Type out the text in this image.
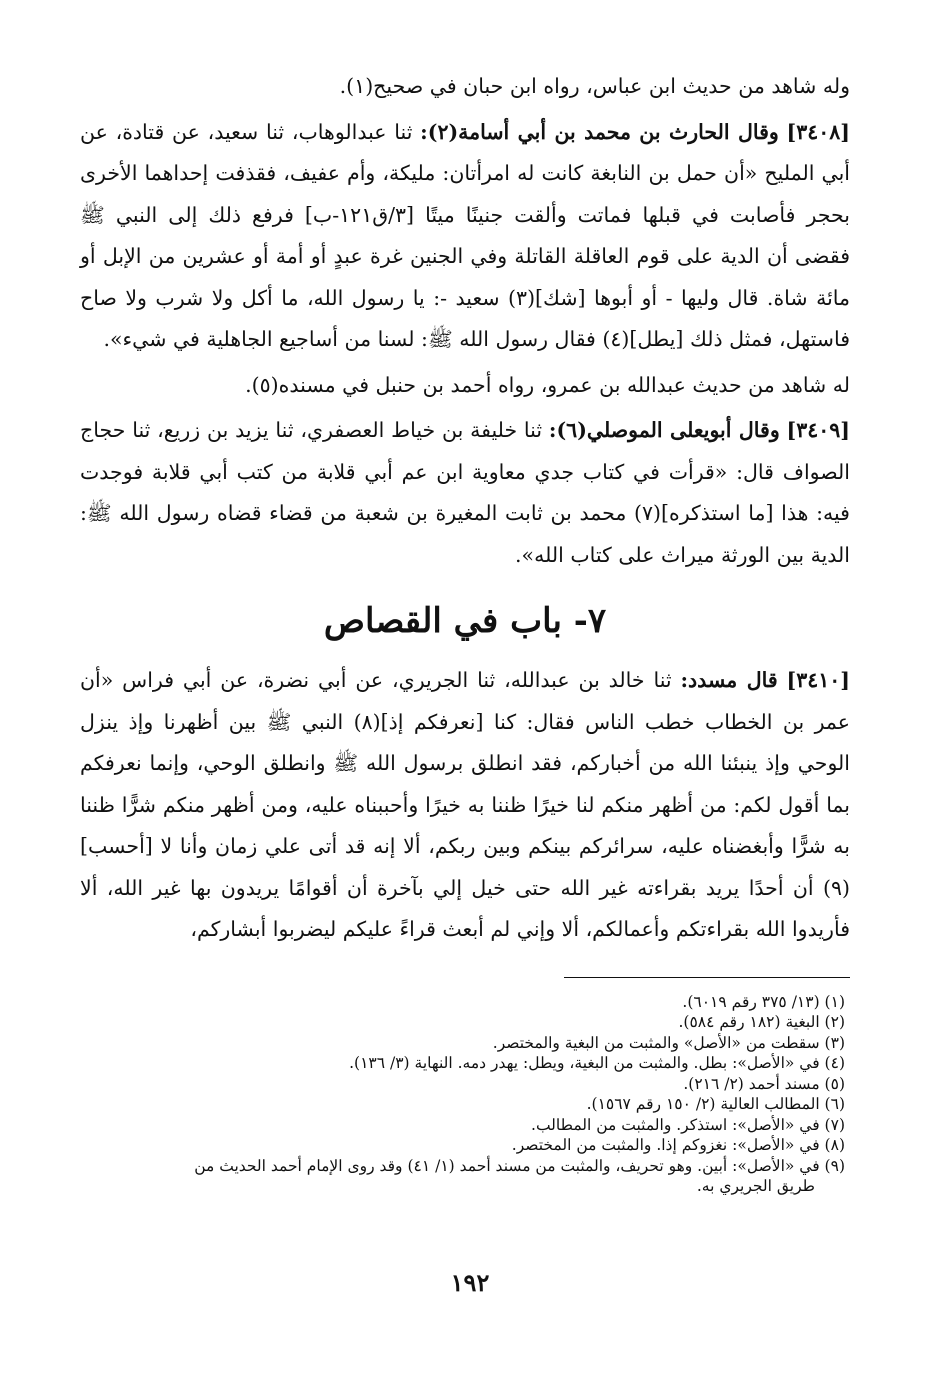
وله شاهد من حديث ابن عباس، رواه ابن حبان في صحيح(١).

[٣٤٠٨] وقال الحارث بن محمد بن أبي أسامة(٢): ثنا عبدالوهاب، ثنا سعيد، عن قتادة، عن أبي المليح «أن حمل بن النابغة كانت له امرأتان: مليكة، وأم عفيف، فقذفت إحداهما الأخرى بحجر فأصابت في قبلها فماتت وألقت جنينًا ميتًا [٣/ق١٢١-ب] فرفع ذلك إلى النبي ﷺ فقضى أن الدية على قوم العاقلة القاتلة وفي الجنين غرة عبدٍ أو أمة أو عشرين من الإبل أو مائة شاة. قال وليها - أو أبوها [شك](٣) سعيد -: يا رسول الله، ما أكل ولا شرب ولا صاح فاستهل، فمثل ذلك [يطل](٤) فقال رسول الله ﷺ: لسنا من أساجيع الجاهلية في شيء».

له شاهد من حديث عبدالله بن عمرو، رواه أحمد بن حنبل في مسنده(٥).

[٣٤٠٩] وقال أبويعلى الموصلي(٦): ثنا خليفة بن خياط العصفري، ثنا يزيد بن زريع، ثنا حجاج الصواف قال: «قرأت في كتاب جدي معاوية ابن عم أبي قلابة من كتب أبي قلابة فوجدت فيه: هذا [ما استذكره](٧) محمد بن ثابت المغيرة بن شعبة من قضاء قضاه رسول الله ﷺ: الدية بين الورثة ميراث على كتاب الله».

٧- باب في القصاص

[٣٤١٠] قال مسدد: ثنا خالد بن عبدالله، ثنا الجريري، عن أبي نضرة، عن أبي فراس «أن عمر بن الخطاب خطب الناس فقال: كنا [نعرفكم إذ](٨) النبي ﷺ بين أظهرنا وإذ ينزل الوحي وإذ ينبئنا الله من أخباركم، فقد انطلق برسول الله ﷺ وانطلق الوحي، وإنما نعرفكم بما أقول لكم: من أظهر منكم لنا خيرًا ظننا به خيرًا وأحببناه عليه، ومن أظهر منكم شرًّا ظننا به شرًّا وأبغضناه عليه، سرائركم بينكم وبين ربكم، ألا إنه قد أتى علي زمان وأنا لا [أحسب](٩) أن أحدًا يريد بقراءته غير الله حتى خيل إلي بآخرة أن أقوامًا يريدون بها غير الله، ألا فأريدوا الله بقراءتكم وأعمالكم، ألا وإني لم أبعث قراءً عليكم ليضربوا أبشاركم،

(١) (١٣/ ٣٧٥ رقم ٦٠١٩).

(٢) البغية (١٨٢ رقم ٥٨٤).

(٣) سقطت من «الأصل» والمثبت من البغية والمختصر.

(٤) في «الأصل»: بطل. والمثبت من البغية، ويطل: يهدر دمه. النهاية (٣/ ١٣٦).

(٥) مسند أحمد (٢/ ٢١٦).

(٦) المطالب العالية (٢/ ١٥٠ رقم ١٥٦٧).

(٧) في «الأصل»: استذكر. والمثبت من المطالب.

(٨) في «الأصل»: نغزوكم إذا. والمثبت من المختصر.

(٩) في «الأصل»: أبين. وهو تحريف، والمثبت من مسند أحمد (١/ ٤١) وقد روى الإمام أحمد الحديث من

طريق الجريري به.

١٩٢
